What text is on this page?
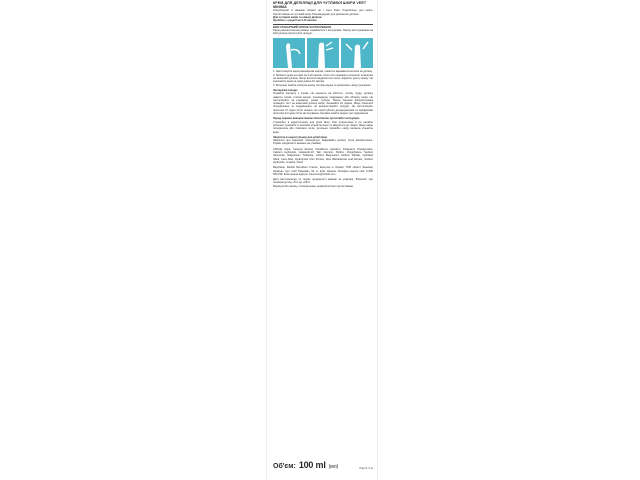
КРЕМ ДЛЯ ДЕПІЛЯЦІЇ ДЛЯ ЧУТЛИВОЇ ШКІРИ VEET MINIMA
Розроблений із ніжними області ніг і зони бікіні. Розроблено для шкіри. Протестовано на чутливій шкірі. Рекомендуємо для делікатних ділянок.
Для чутливої шкіри та ніжних ділянок
Зроблено з рецептом 3-10 хвилин
ВИСІ СТАНАРТНИЙ СПОСІБ ЗАСТОСУВАННЯ
Перед використанням уважно ознайомтеся з інструкцією. Перед застосуванням на всій ділянці протестуйте продукт.
1. Застосовуйте крем рівномірним шаром, повністю вкриваючи волоски на ділянці.
2. Залиште крем на шкірі на 3-10 хвилин, після чого перевірте результат шпателем на невеликій ділянці. Якщо волосся видаляється легко, видаліть решту крему. Не залишайте крем на шкірі довше 10 хвилин.
3. Ретельно змийте залишки крему теплою водою та промокніть шкіру рушником.
Застережні заходи:
Уникайте контакту з очима. Не наносьте на обличчя, голову, груди, ділянку навколо сосків, статеві органи, пошкоджену, подразнену або обгорілу шкіру. Не застосовуйте на родимках, ранах, рубцях. Перед першим використанням проведіть тест на невеликій ділянці шкіри. Зачекайте 24 години. Якщо з'явилися почервоніння чи подразнення, не використовуйте продукт. Не застосовуйте протягом 72 годин після гоління. Не користуйтеся дезодорантами та парфумами протягом 24 годин після застосування. Негайно змийте водою при подразненні.
Перед першим використанням обов'язково прочитайте інструкцію.
Утримуйте в недоступному для дітей місці. При потраплянні в очі негайно ретельно промийте їх великою кількістю води та зверніться до лікаря. Якщо шкіра почервоніла або з'явилася печія, ретельно промийте шкіру великою кількістю води.
Зберігати в недоступному для дітей місці.
Зберігати при кімнатній температурі. Закривайте кришку після використання. Термін придатності вказано на упаковці.
СКЛАД: Aqua, Cetearyl Alcohol, Paraffinum Liquidum, Potassium Thioglycolate, Calcium Hydroxide, Ceteareth-20, Talc, Glycerin, Parfum, Polyethylene, Sodium Gluconate, Magnesium Trisilicate, Lithium Magnesium Sodium Silicate, Hydrated Silica, Cera Alba, Hydrolyzed Corn Protein, Aloe Barbadensis Leaf Extract, Sodium Hydroxide, Linalool, Citral.
Виробник: Reckitt Benckiser France. Імпортер в Україні: ТОВ «Рекітт Бенкізер Україна», вул. Сім'ї Прахових, 54, м. Київ, Україна. Телефон гарячої лінії: 0 800 500 239. Електронна адреса: consumer@reckitt.com
Дата виготовлення та термін придатності вказані на упаковці. Зберігати при температурі від +5°C до +25°C.
Формула без запаху, гіпоалергенна, дерматологічно протестована.
Об'єм: 100 ml (мл)	Партія / Lot
